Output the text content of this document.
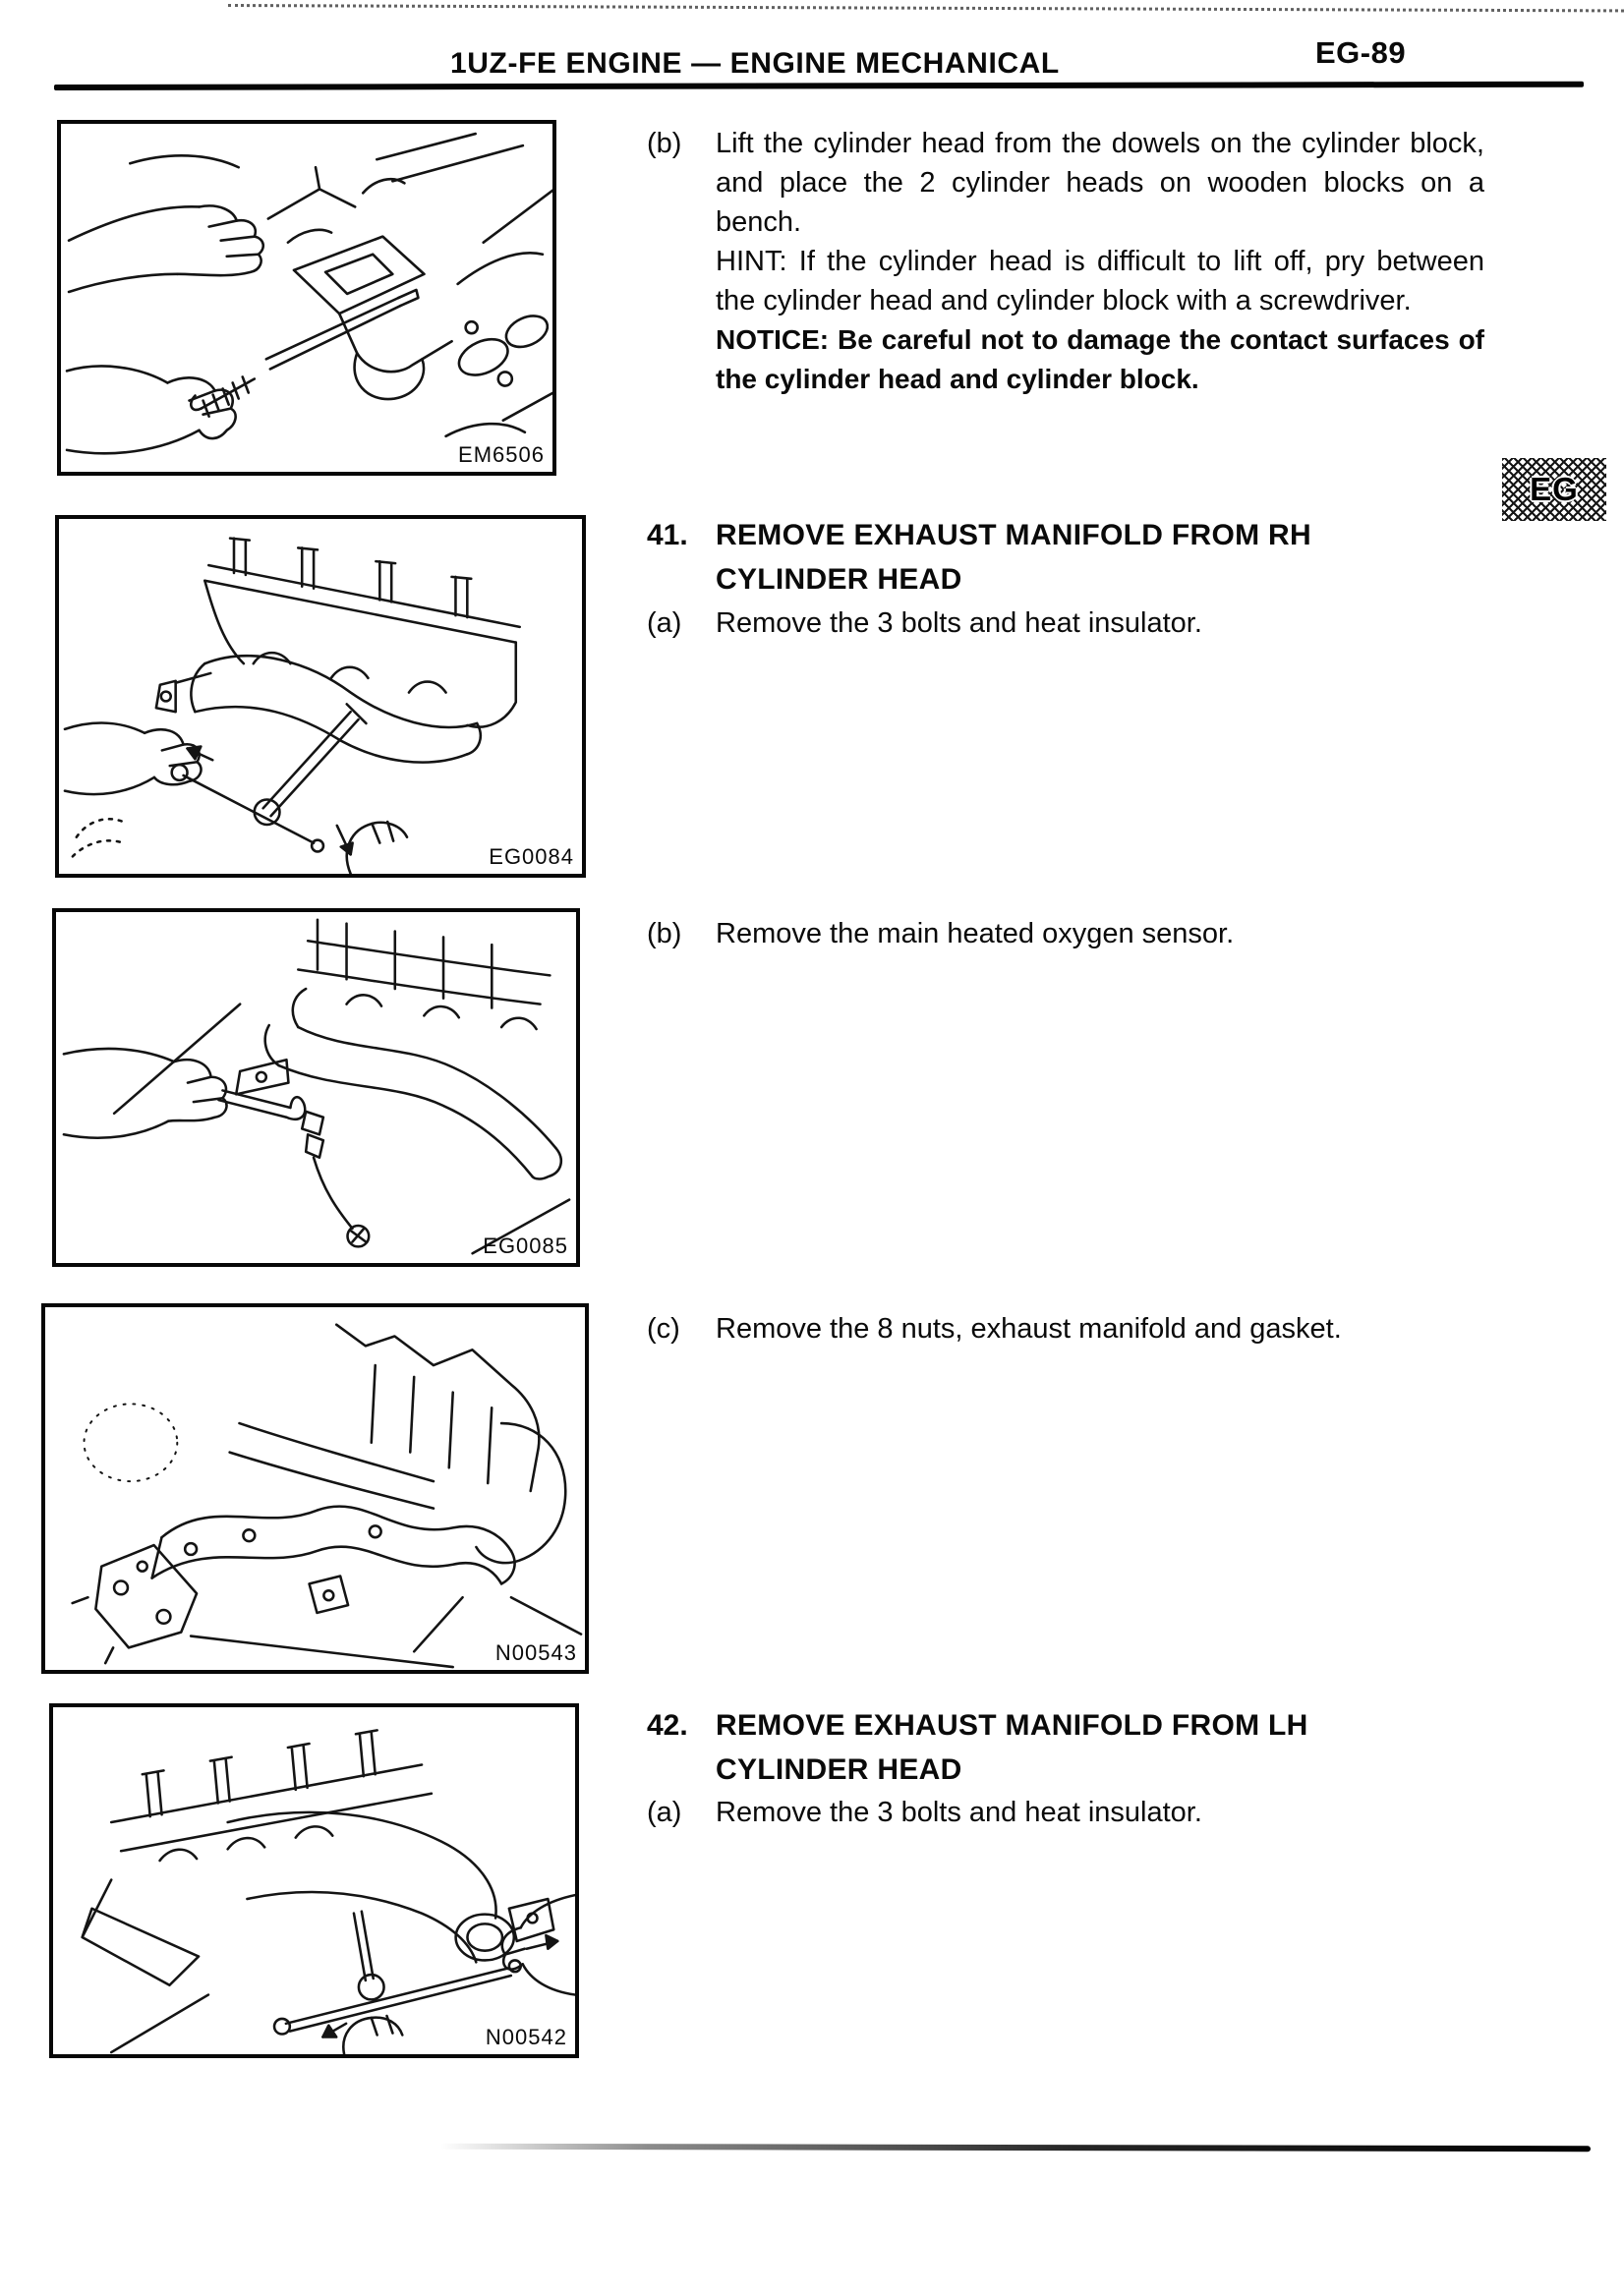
1UZ-FE ENGINE — ENGINE MECHANICAL	EG-89
EG
EM6506
(b)	Lift the cylinder head from the dowels on the cylinder block, and place the 2 cylinder heads on wooden blocks on a bench.

HINT: If the cylinder head is difficult to lift off, pry between the cylinder head and cylinder block with a screwdriver.

NOTICE: Be careful not to damage the contact surfaces of the cylinder head and cylinder block.

41. REMOVE EXHAUST MANIFOLD FROM RH
CYLINDER HEAD
(a)	Remove the 3 bolts and heat insulator.

EG0084
(b)	Remove the main heated oxygen sensor.

EG0085
(c)	Remove the 8 nuts, exhaust manifold and gasket.

N00543
42. REMOVE EXHAUST MANIFOLD FROM LH
CYLINDER HEAD
(a)	Remove the 3 bolts and heat insulator.

N00542
